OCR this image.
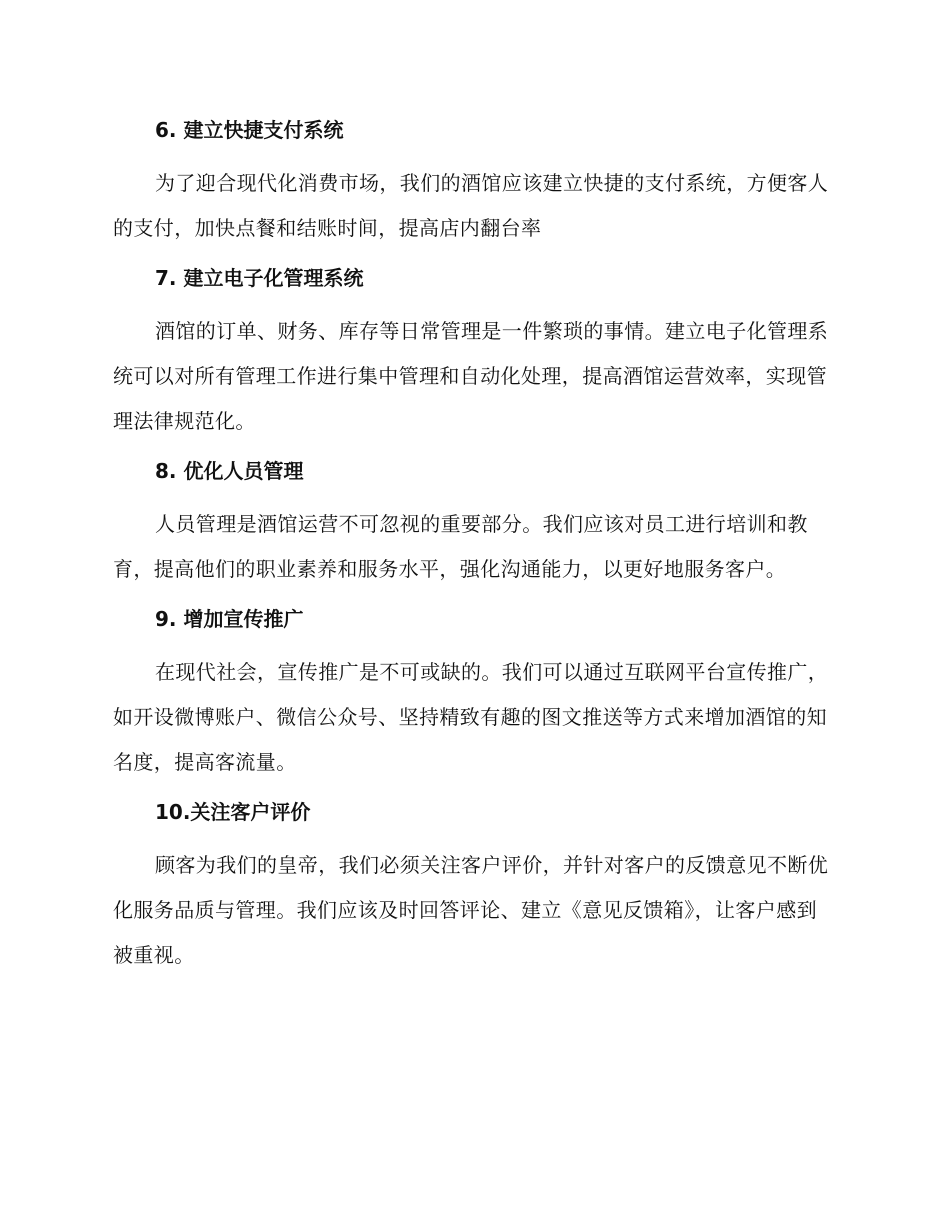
6. 建立快捷支付系统

为了迎合现代化消费市场，我们的酒馆应该建立快捷的支付系统，方便客人的支付，加快点餐和结账时间，提高店内翻台率

7. 建立电子化管理系统

酒馆的订单、财务、库存等日常管理是一件繁琐的事情。建立电子化管理系统可以对所有管理工作进行集中管理和自动化处理，提高酒馆运营效率，实现管理法律规范化。

8. 优化人员管理

人员管理是酒馆运营不可忽视的重要部分。我们应该对员工进行培训和教育，提高他们的职业素养和服务水平，强化沟通能力，以更好地服务客户。

9. 增加宣传推广

在现代社会，宣传推广是不可或缺的。我们可以通过互联网平台宣传推广，如开设微博账户、微信公众号、坚持精致有趣的图文推送等方式来增加酒馆的知名度，提高客流量。

10.关注客户评价

顾客为我们的皇帝，我们必须关注客户评价，并针对客户的反馈意见不断优化服务品质与管理。我们应该及时回答评论、建立《意见反馈箱》，让客户感到被重视。
